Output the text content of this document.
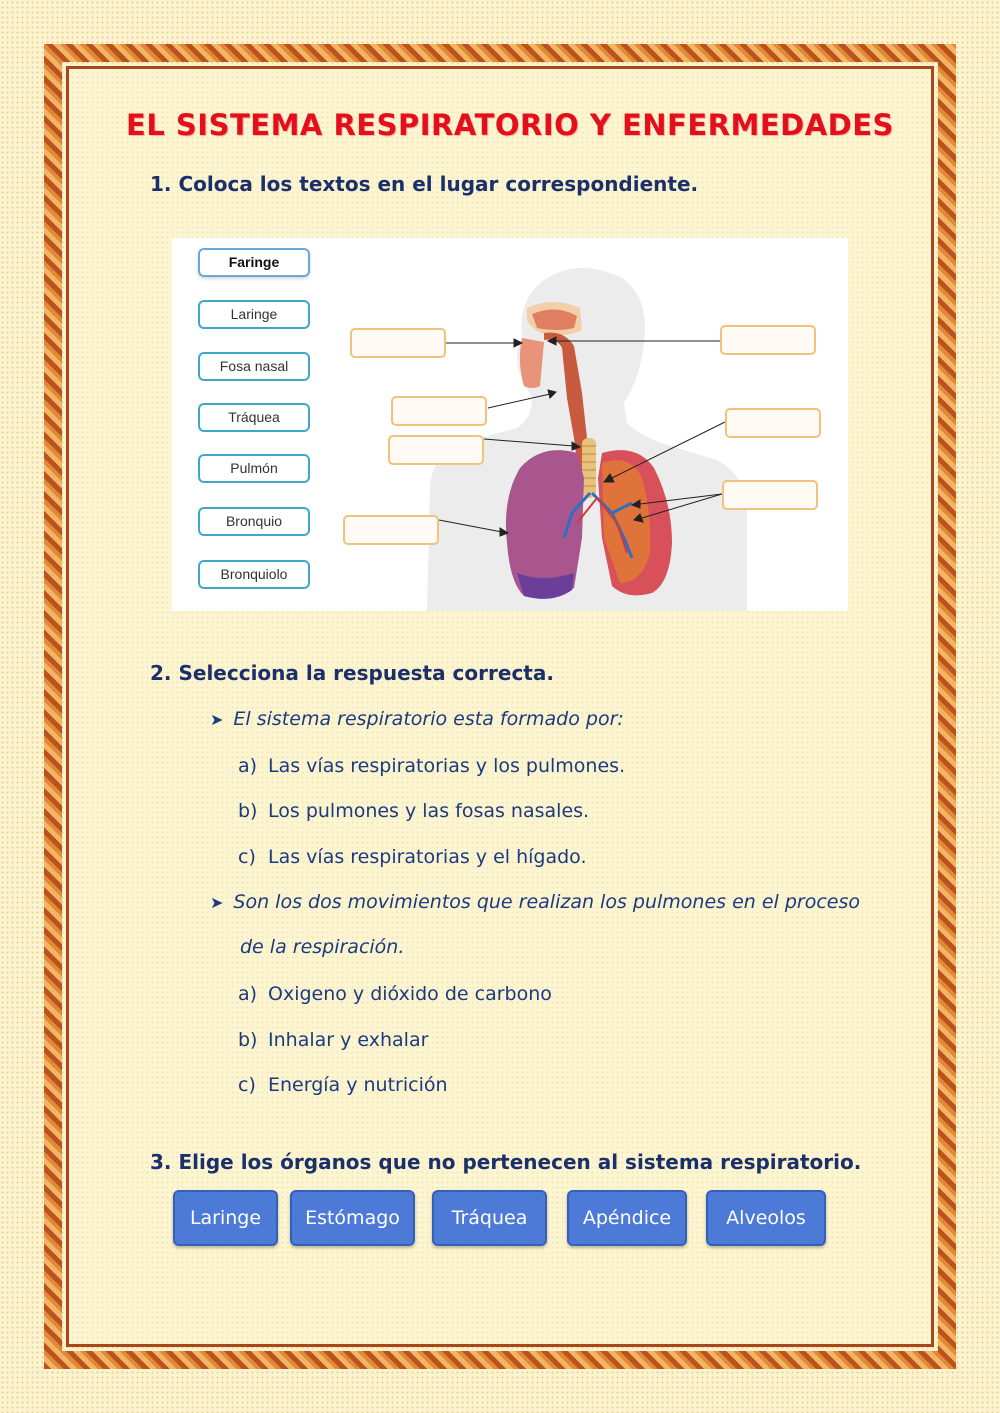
EL SISTEMA RESPIRATORIO Y ENFERMEDADES
1. Coloca los textos en el lugar correspondiente.
Faringe
Laringe
Fosa nasal
Tráquea
Pulmón
Bronquio
Bronquiolo
2. Selecciona la respuesta correcta.
➤ El sistema respiratorio esta formado por:
a) Las vías respiratorias y los pulmones.
b) Los pulmones y las fosas nasales.
c) Las vías respiratorias y el hígado.
➤ Son los dos movimientos que realizan los pulmones en el proceso
de la respiración.
a) Oxigeno y dióxido de carbono
b) Inhalar y exhalar
c) Energía y nutrición
3. Elige los órganos que no pertenecen al sistema respiratorio.
Laringe	Estómago	Tráquea	Apéndice	Alveolos
